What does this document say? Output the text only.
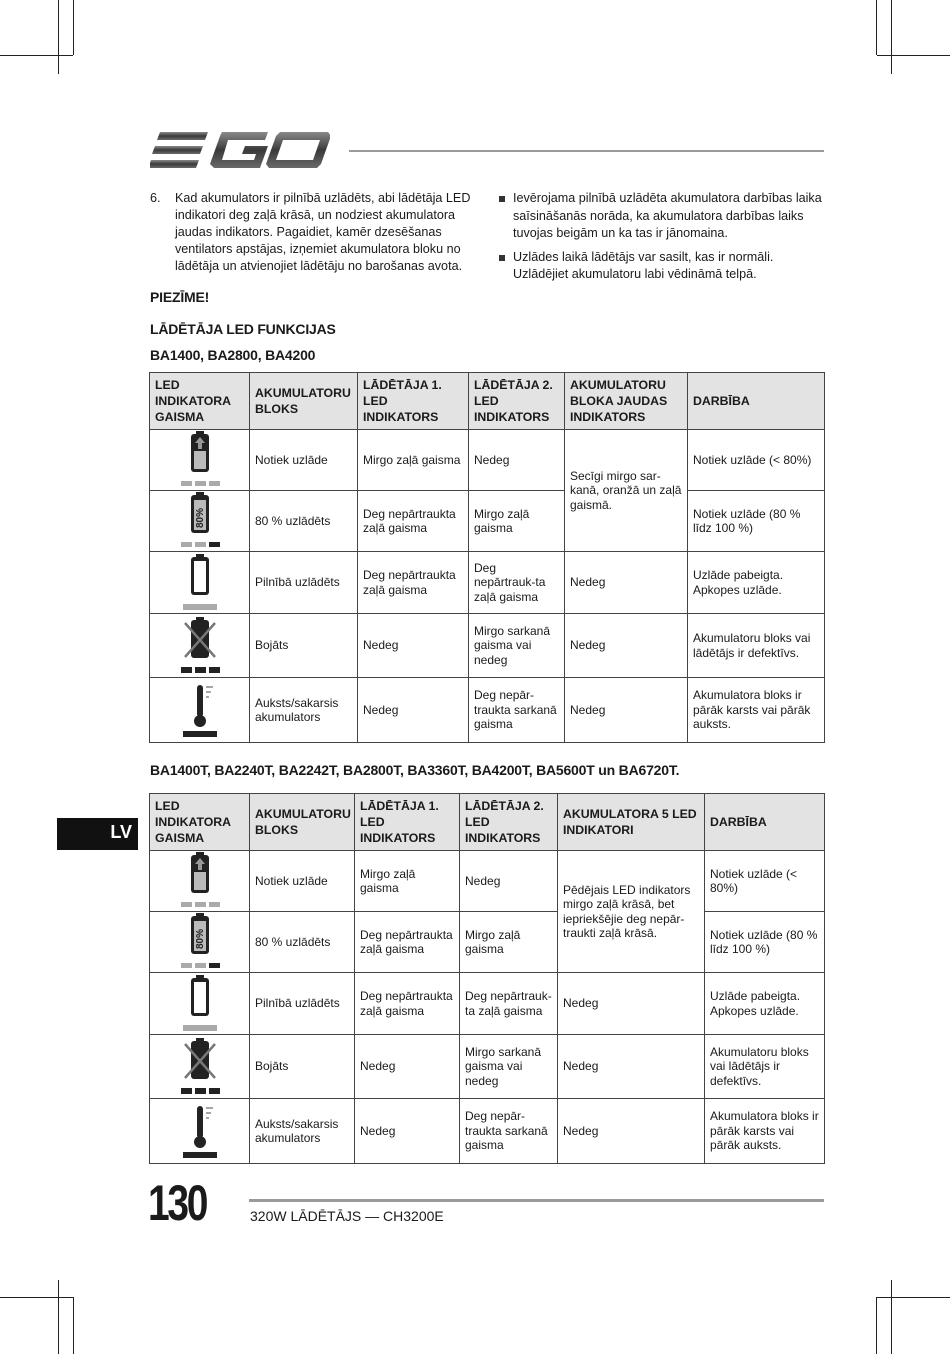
6. Kad akumulators ir pilnībā uzlādēts, abi lādētāja LED indikatori deg zaļā krāsā, un nodziest akumulatora jaudas indikators. Pagaidiet, kamēr dzesēšanas ventilators apstājas, izņemiet akumulatora bloku no lādētāja un atvienojiet lādētāju no barošanas avota.
Ievērojama pilnībā uzlādēta akumulatora darbības laika saīsināšanās norāda, ka akumulatora darbības laiks tuvojas beigām un ka tas ir jānomaina.
Uzlādes laikā lādētājs var sasilt, kas ir normāli. Uzlādējiet akumulatoru labi vēdināmā telpā.
PIEZĪME!
LĀDĒTĀJA LED FUNKCIJAS
BA1400, BA2800, BA4200
LED INDIKATORA GAISMA	AKUMULATORU BLOKS	LĀDĒTĀJA 1. LED INDIKATORS	LĀDĒTĀJA 2. LED INDIKATORS	AKUMULATORU BLOKA JAUDAS INDIKATORS	DARBĪBA

	Notiek uzlāde	Mirgo zaļā gaisma	Nedeg	Secīgi mirgo sar-kanā, oranžā un zaļā gaismā.	Notiek uzlāde (< 80%)

80%	80 % uzlādēts	Deg nepārtraukta zaļā gaisma	Mirgo zaļā gaisma		Notiek uzlāde (80 % līdz 100 %)

	Pilnībā uzlādēts	Deg nepārtraukta zaļā gaisma	Deg nepārtrauk-ta zaļā gaisma	Nedeg	Uzlāde pabeigta. Apkopes uzlāde.

	Bojāts	Nedeg	Mirgo sarkanā gaisma vai nedeg	Nedeg	Akumulatoru bloks vai lādētājs ir defektīvs.

	Auksts/sakarsis akumulators	Nedeg	Deg nepār-traukta sarkanā gaisma	Nedeg	Akumulatora bloks ir pārāk karsts vai pārāk auksts.
BA1400T, BA2240T, BA2242T, BA2800T, BA3360T, BA4200T, BA5600T un BA6720T.
LED INDIKATORA GAISMA	AKUMULATORU BLOKS	LĀDĒTĀJA 1. LED INDIKATORS	LĀDĒTĀJA 2. LED INDIKATORS	AKUMULATORA 5 LED INDIKATORI	DARBĪBA

	Notiek uzlāde	Mirgo zaļā gaisma	Nedeg	Pēdējais LED indikators mirgo zaļā krāsā, bet iepriekšējie deg nepār-traukti zaļā krāsā.	Notiek uzlāde (< 80%)

80%	80 % uzlādēts	Deg nepārtraukta zaļā gaisma	Mirgo zaļā gaisma		Notiek uzlāde (80 % līdz 100 %)

	Pilnībā uzlādēts	Deg nepārtraukta zaļā gaisma	Deg nepārtrauk-ta zaļā gaisma	Nedeg	Uzlāde pabeigta. Apkopes uzlāde.

	Bojāts	Nedeg	Mirgo sarkanā gaisma vai nedeg	Nedeg	Akumulatoru bloks vai lādētājs ir defektīvs.

	Auksts/sakarsis akumulators	Nedeg	Deg nepār-traukta sarkanā gaisma	Nedeg	Akumulatora bloks ir pārāk karsts vai pārāk auksts.
LV
130	320W LĀDĒTĀJS — CH3200E
